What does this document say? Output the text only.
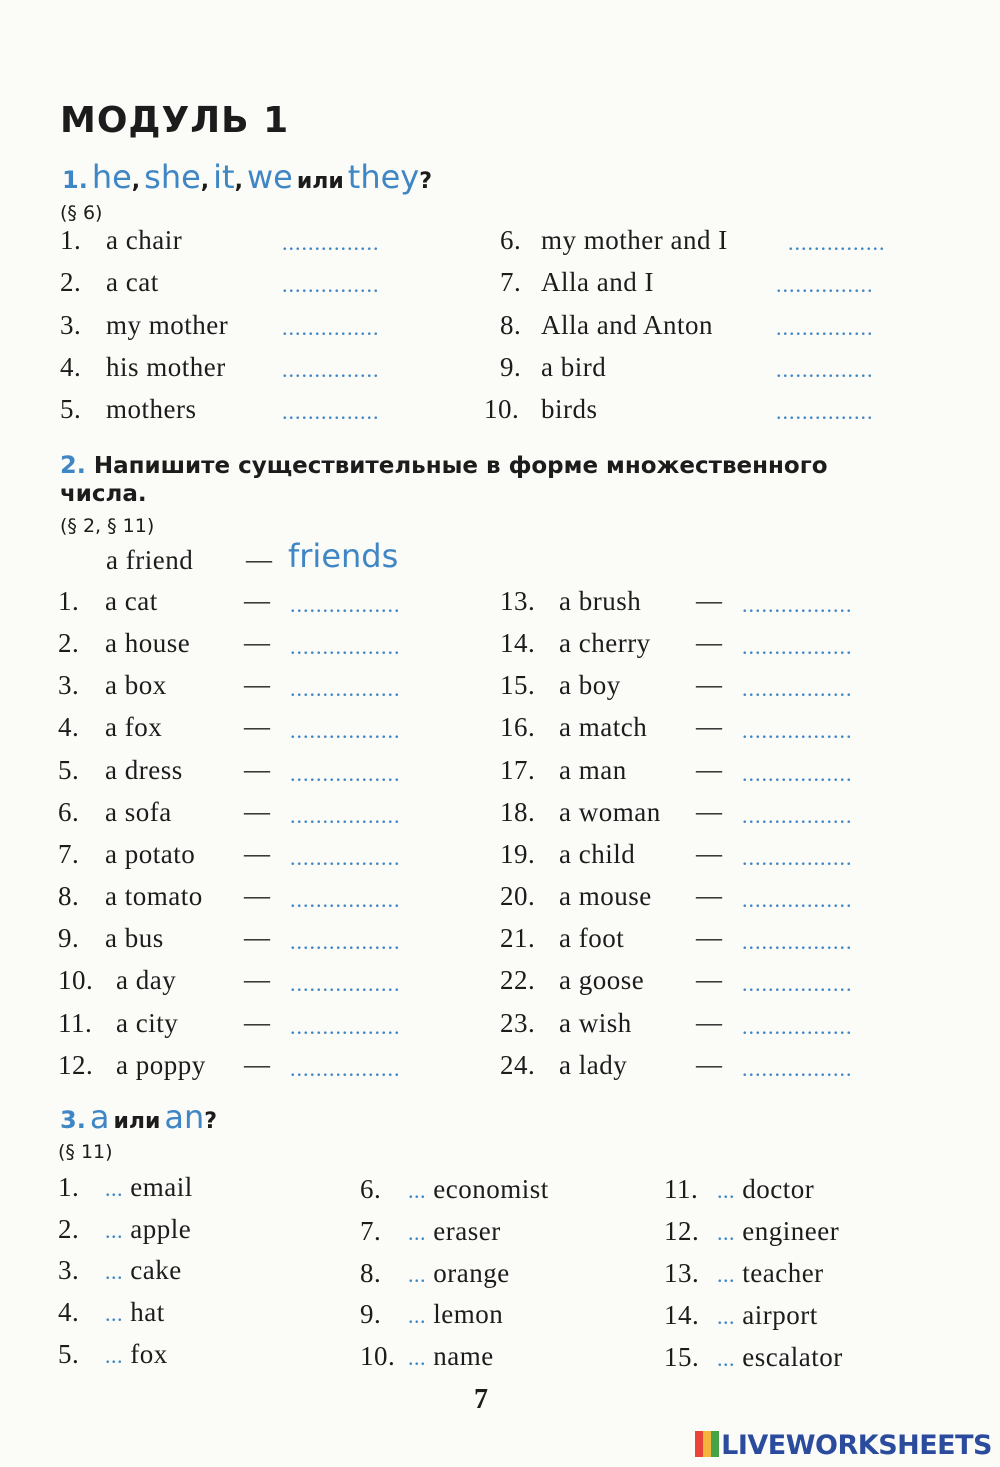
МОДУЛЬ 1
1. he, she, it, we или they?
(§ 6)
1. a chair
2. a cat
3. my mother
4. his mother
5. mothers
...............
...............
...............
...............
...............
6. my mother and I
7. Alla and I
8. Alla and Anton
9. a bird
10. birds
...............
...............
...............
...............
...............
2. Напишите существительные в форме множественного
числа.
(§ 2, § 11)
a friend — friends
1. a cat
2. a house
3. a box
4. a fox
5. a dress
6. a sofa
7. a potato
8. a tomato
9. a bus
10. a day
11. a city
12. a poppy
—
—
—
—
—
—
—
—
—
—
—
—
.................
.................
.................
.................
.................
.................
.................
.................
.................
.................
.................
.................
13. a brush
14. a cherry
15. a boy
16. a match
17. a man
18. a woman
19. a child
20. a mouse
21. a foot
22. a goose
23. a wish
24. a lady
—
—
—
—
—
—
—
—
—
—
—
—
.................
.................
.................
.................
.................
.................
.................
.................
.................
.................
.................
.................
3. a или an?
(§ 11)
1. ... email
2. ... apple
3. ... cake
4. ... hat
5. ... fox
6. ... economist
7. ... eraser
8. ... orange
9. ... lemon
10. ... name
11. ... doctor
12. ... engineer
13. ... teacher
14. ... airport
15. ... escalator
7
LIVEWORKSHEETS
